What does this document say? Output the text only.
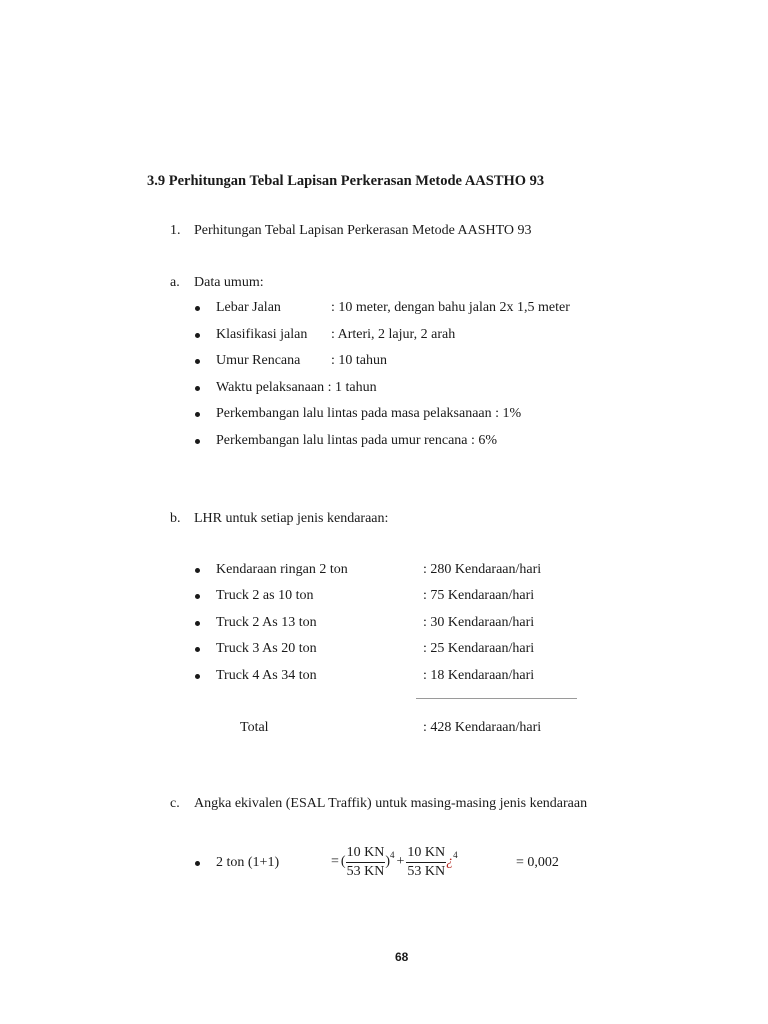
3.9 Perhitungan Tebal Lapisan Perkerasan Metode AASTHO 93
1. Perhitungan Tebal Lapisan Perkerasan Metode AASHTO 93
a. Data umum:
Lebar Jalan	: 10 meter, dengan bahu jalan 2x 1,5 meter
Klasifikasi jalan : Arteri, 2 lajur, 2 arah
Umur Rencana : 10 tahun
Waktu pelaksanaan : 1 tahun
Perkembangan lalu lintas pada masa pelaksanaan : 1%
Perkembangan lalu lintas pada umur rencana : 6%
b. LHR untuk setiap jenis kendaraan:
Kendaraan ringan 2 ton	: 280 Kendaraan/hari
Truck 2 as 10 ton	: 75 Kendaraan/hari
Truck 2 As 13 ton	: 30 Kendaraan/hari
Truck 3 As 20 ton	: 25 Kendaraan/hari
Truck 4 As 34 ton	: 18 Kendaraan/hari
Total	: 428 Kendaraan/hari
c. Angka ekivalen (ESAL Traffik) untuk masing-masing jenis kendaraan
2 ton (1+1)	= ( $\frac{10 KN}{53 KN} )^4 + \frac{10 KN}{53 KN}$ ¿$^4$	= 0,002
68
